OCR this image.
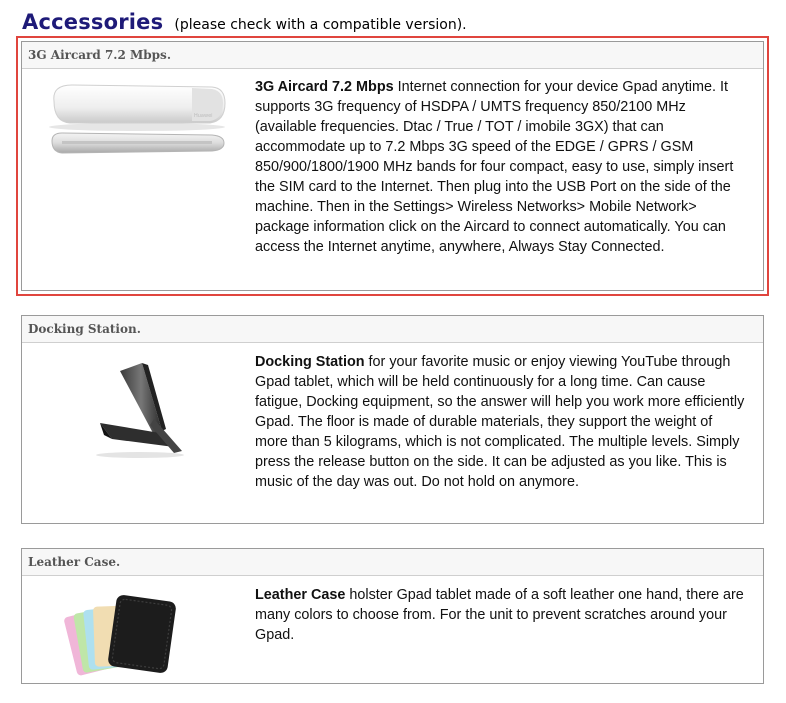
Accessories (please check with a compatible version).
3G Aircard 7.2 Mbps.
Huawei
3G Aircard 7.2 Mbps Internet connection for your device Gpad anytime. It supports 3G frequency of HSDPA / UMTS frequency 850/2100 MHz (available frequencies. Dtac / True / TOT / imobile 3GX) that can accommodate up to 7.2 Mbps 3G speed of the EDGE / GPRS / GSM 850/900/1800/1900 MHz bands for four compact, easy to use, simply insert the SIM card to the Internet. Then plug into the USB Port on the side of the machine. Then in the Settings> Wireless Networks> Mobile Network> package information click on the Aircard to connect automatically. You can access the Internet anytime, anywhere, Always Stay Connected.
Docking Station.
Docking Station for your favorite music or enjoy viewing YouTube through Gpad tablet, which will be held continuously for a long time. Can cause fatigue, Docking equipment, so the answer will help you work more efficiently Gpad. The floor is made of durable materials, they support the weight of more than 5 kilograms, which is not complicated. The multiple levels. Simply press the release button on the side. It can be adjusted as you like. This is music of the day was out. Do not hold on anymore.
Leather Case.
Leather Case holster Gpad tablet made of a soft leather one hand, there are many colors to choose from. For the unit to prevent scratches around your Gpad.
